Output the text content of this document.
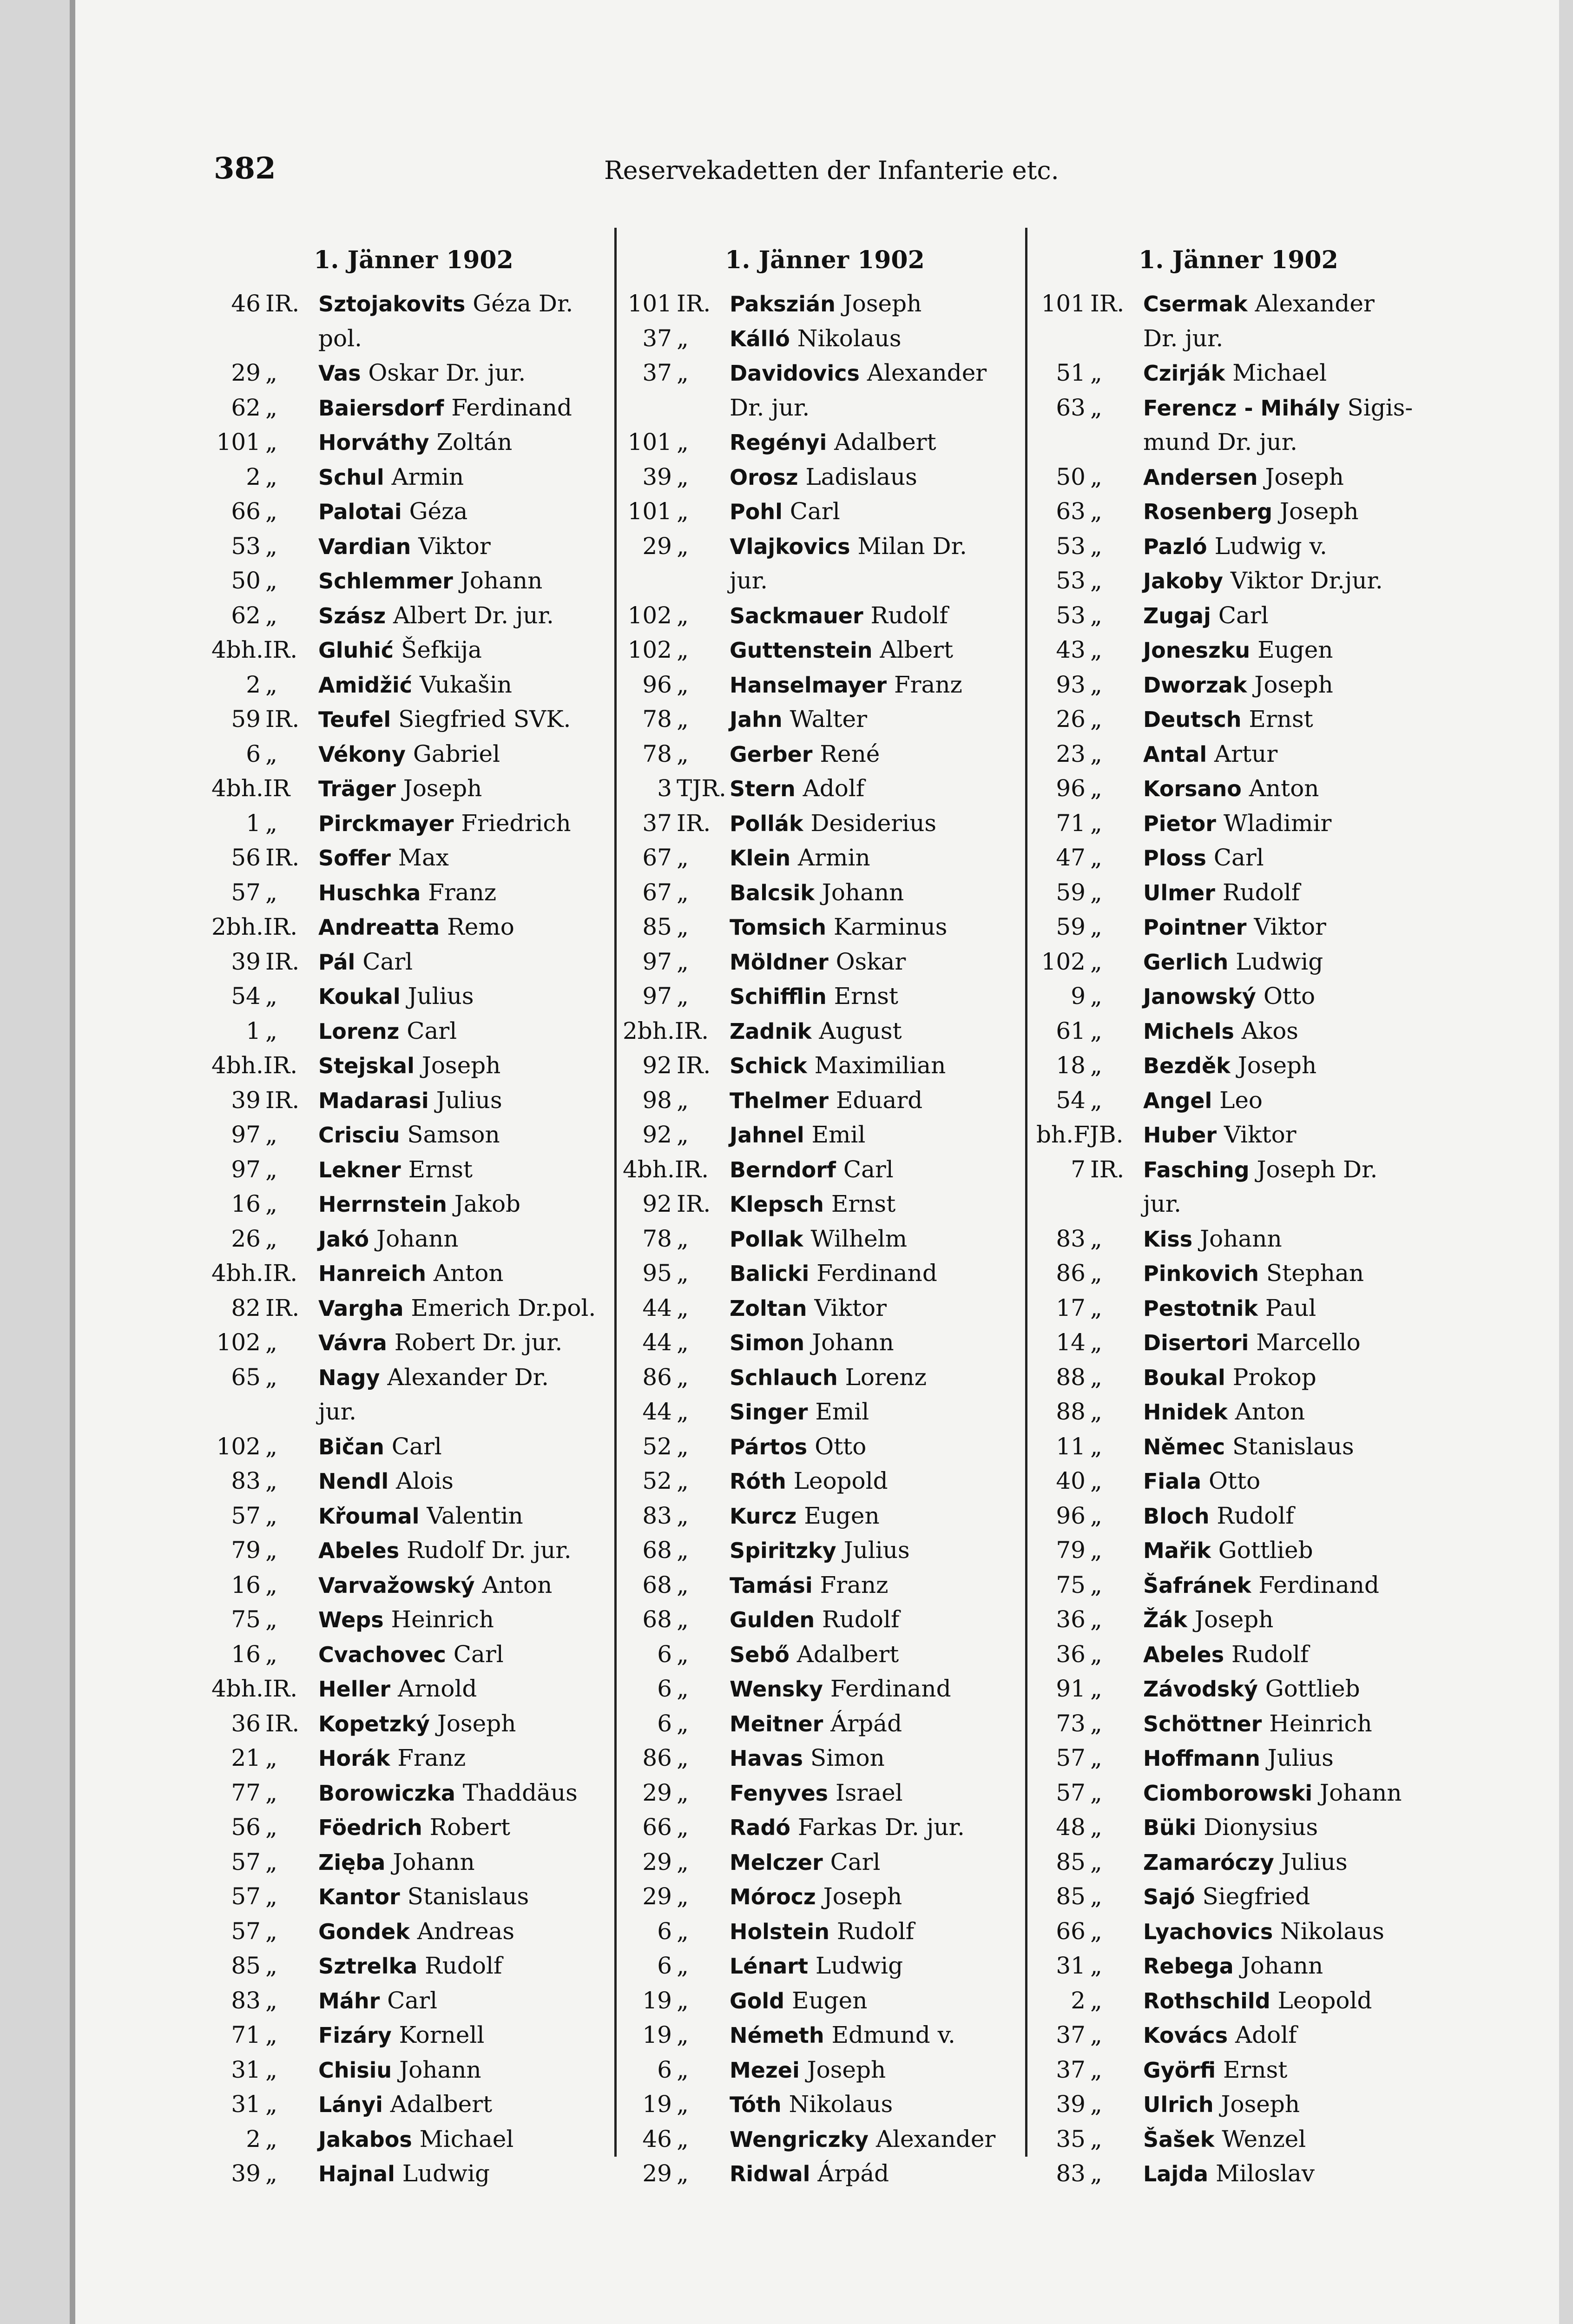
382	Reservekadetten der Infanterie etc.
1. Jänner 1902
46 IR. Sztojakovits Géza Dr.
pol.
29 „	Vas Oskar Dr. jur.
62 „	Baiersdorf Ferdinand
101 „	Horváthy Zoltán
2 „	Schul Armin
66 „	Palotai Géza
53 „	Vardian Viktor
50 „	Schlemmer Johann
62 „	Szász Albert Dr. jur.
4bh.IR. Gluhić Šefkija
2 „	Amidžić Vukašin
59 IR. Teufel Siegfried SVK.
6 „	Vékony Gabriel
4bh.IR	Träger Joseph
1 „	Pirckmayer Friedrich
56 IR. Soffer Max
57 „	Huschka Franz
2bh.IR. Andreatta Remo
39 IR. Pál Carl
54 „	Koukal Julius
1 „	Lorenz Carl
4bh.IR. Stejskal Joseph
39 IR. Madarasi Julius
97 „	Crisciu Samson
97 „	Lekner Ernst
16 „	Herrnstein Jakob
26 „	Jakó Johann
4bh.IR. Hanreich Anton
82 IR. Vargha Emerich Dr.pol.
102 „	Vávra Robert Dr. jur.
65 „	Nagy Alexander Dr.
jur.
102 „	Bičan Carl
83 „	Nendl Alois
57 „	Křoumal Valentin
79 „	Abeles Rudolf Dr. jur.
16 „	Varvažowský Anton
75 „	Weps Heinrich
16 „	Cvachovec Carl
4bh.IR. Heller Arnold
36 IR. Kopetzký Joseph
21 „	Horák Franz
77 „	Borowiczka Thaddäus
56 „	Föedrich Robert
57 „	Zięba Johann
57 „	Kantor Stanislaus
57 „	Gondek Andreas
85 „	Sztrelka Rudolf
83 „	Máhr Carl
71 „	Fizáry Kornell
31 „	Chisiu Johann
31 „	Lányi Adalbert
2 „	Jakabos Michael
39 „	Hajnal Ludwig
1. Jänner 1902
101 IR. Pakszián Joseph
37 „	Kálló Nikolaus
37 „	Davidovics Alexander
Dr. jur.
101 „	Regényi Adalbert
39 „	Orosz Ladislaus
101 „	Pohl Carl
29 „	Vlajkovics Milan Dr.
jur.
102 „	Sackmauer Rudolf
102 „	Guttenstein Albert
96 „	Hanselmayer Franz
78 „	Jahn Walter
78 „	Gerber René
3 TJR. Stern Adolf
37 IR. Pollák Desiderius
67 „	Klein Armin
67 „	Balcsik Johann
85 „	Tomsich Karminus
97 „	Möldner Oskar
97 „	Schifflin Ernst
2bh.IR. Zadnik August
92 IR. Schick Maximilian
98 „	Thelmer Eduard
92 „	Jahnel Emil
4bh.IR. Berndorf Carl
92 IR. Klepsch Ernst
78 „	Pollak Wilhelm
95 „	Balicki Ferdinand
44 „	Zoltan Viktor
44 „	Simon Johann
86 „	Schlauch Lorenz
44 „	Singer Emil
52 „	Pártos Otto
52 „	Róth Leopold
83 „	Kurcz Eugen
68 „	Spiritzky Julius
68 „	Tamási Franz
68 „	Gulden Rudolf
6 „	Sebő Adalbert
6 „	Wensky Ferdinand
6 „	Meitner Árpád
86 „	Havas Simon
29 „	Fenyves Israel
66 „	Radó Farkas Dr. jur.
29 „	Melczer Carl
29 „	Mórocz Joseph
6 „	Holstein Rudolf
6 „	Lénart Ludwig
19 „	Gold Eugen
19 „	Németh Edmund v.
6 „	Mezei Joseph
19 „	Tóth Nikolaus
46 „	Wengriczky Alexander
29 „	Ridwal Árpád
1. Jänner 1902
101 IR. Csermak Alexander
Dr. jur.
51 „	Czirják Michael
63 „	Ferencz - Mihály Sigis-
mund Dr. jur.
50 „	Andersen Joseph
63 „	Rosenberg Joseph
53 „	Pazló Ludwig v.
53 „	Jakoby Viktor Dr.jur.
53 „	Zugaj Carl
43 „	Joneszku Eugen
93 „	Dworzak Joseph
26 „	Deutsch Ernst
23 „	Antal Artur
96 „	Korsano Anton
71 „	Pietor Wladimir
47 „	Ploss Carl
59 „	Ulmer Rudolf
59 „	Pointner Viktor
102 „	Gerlich Ludwig
9 „	Janowský Otto
61 „	Michels Akos
18 „	Bezděk Joseph
54 „	Angel Leo
bh.FJB. Huber Viktor
7 IR. Fasching Joseph Dr.
jur.
83 „	Kiss Johann
86 „	Pinkovich Stephan
17 „	Pestotnik Paul
14 „	Disertori Marcello
88 „	Boukal Prokop
88 „	Hnidek Anton
11 „	Němec Stanislaus
40 „	Fiala Otto
96 „	Bloch Rudolf
79 „	Mařik Gottlieb
75 „	Šafránek Ferdinand
36 „	Žák Joseph
36 „	Abeles Rudolf
91 „	Závodský Gottlieb
73 „	Schöttner Heinrich
57 „	Hoffmann Julius
57 „	Ciomborowski Johann
48 „	Büki Dionysius
85 „	Zamaróczy Julius
85 „	Sajó Siegfried
66 „	Lyachovics Nikolaus
31 „	Rebega Johann
2 „	Rothschild Leopold
37 „	Kovács Adolf
37 „	Györfi Ernst
39 „	Ulrich Joseph
35 „	Šašek Wenzel
83 „	Lajda Miloslav
